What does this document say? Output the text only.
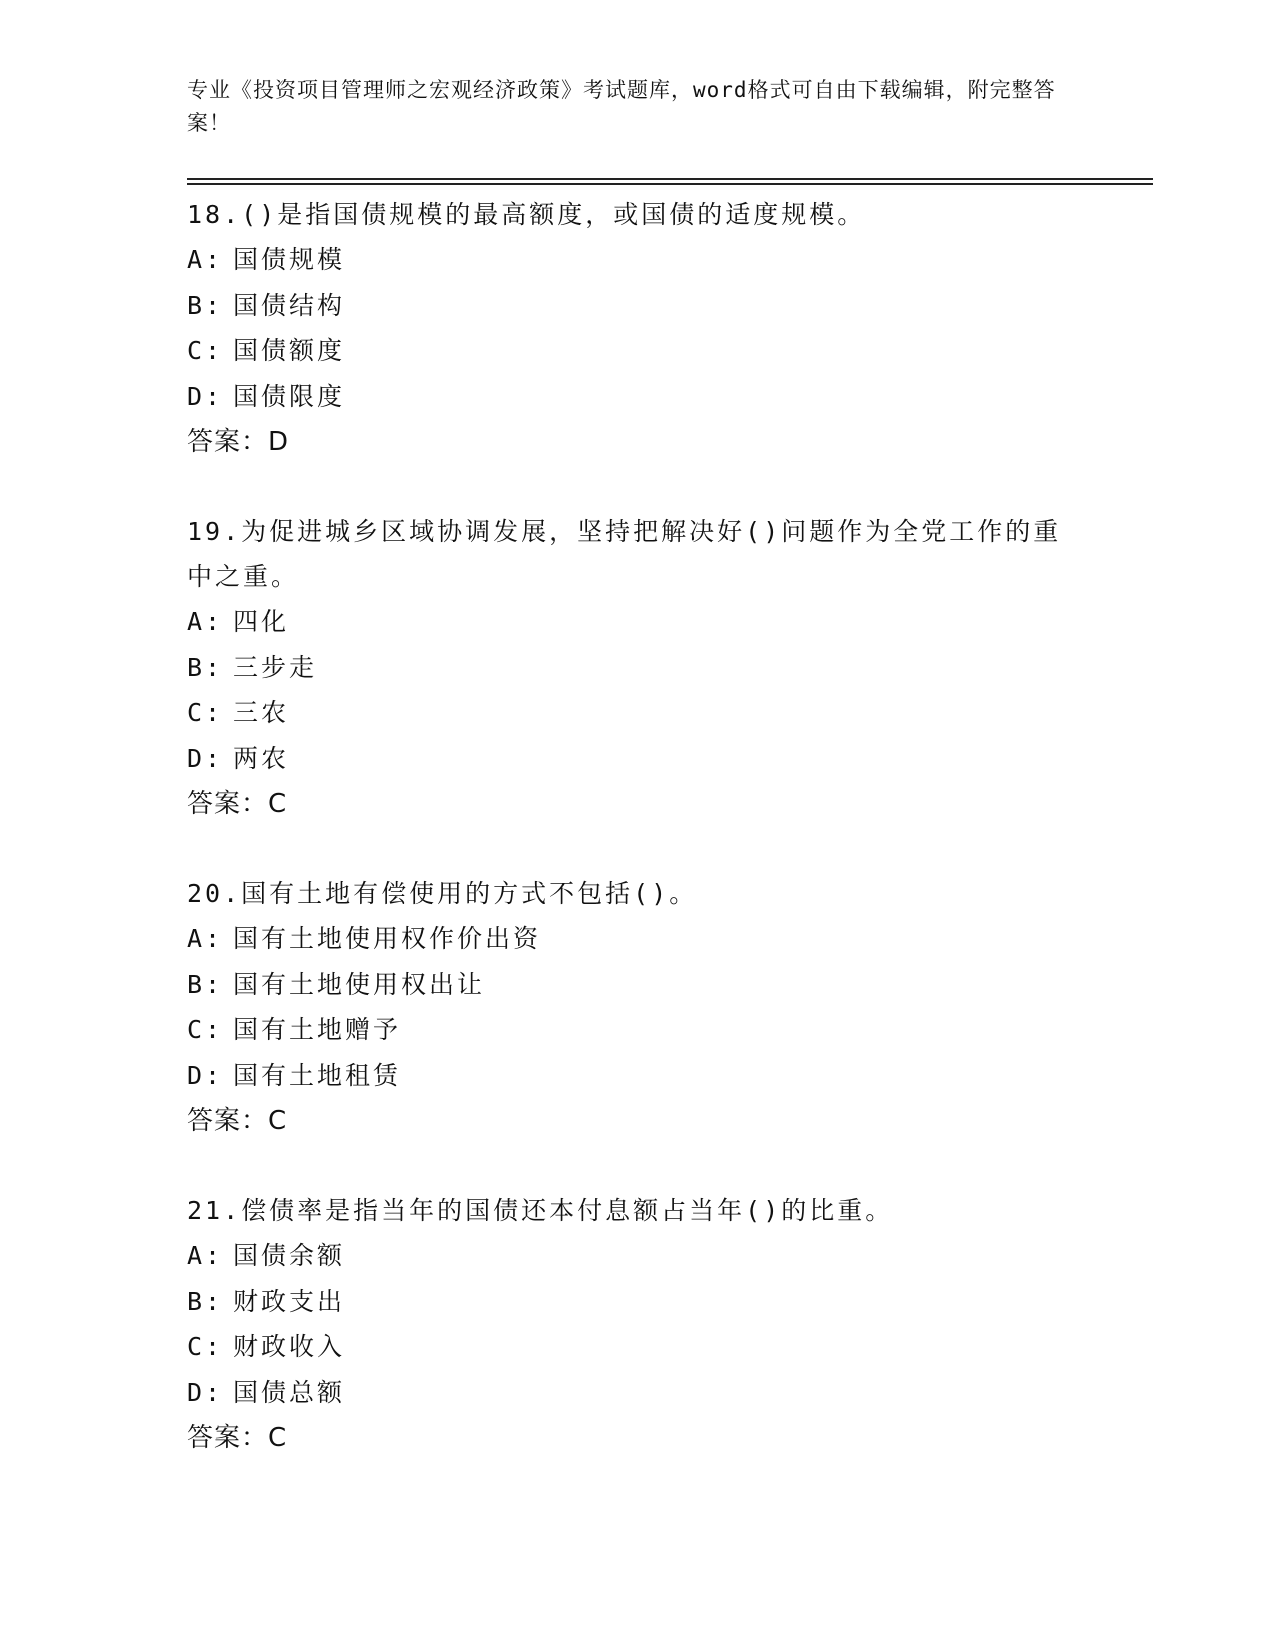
专业《投资项目管理师之宏观经济政策》考试题库，word格式可自由下载编辑，附完整答案！
18.()是指国债规模的最高额度，或国债的适度规模。
A: 国债规模
B: 国债结构
C: 国债额度
D: 国债限度
答案：D
19.为促进城乡区域协调发展，坚持把解决好()问题作为全党工作的重中之重。
A: 四化
B: 三步走
C: 三农
D: 两农
答案：C
20.国有土地有偿使用的方式不包括()。
A: 国有土地使用权作价出资
B: 国有土地使用权出让
C: 国有土地赠予
D: 国有土地租赁
答案：C
21.偿债率是指当年的国债还本付息额占当年()的比重。
A: 国债余额
B: 财政支出
C: 财政收入
D: 国债总额
答案：C
